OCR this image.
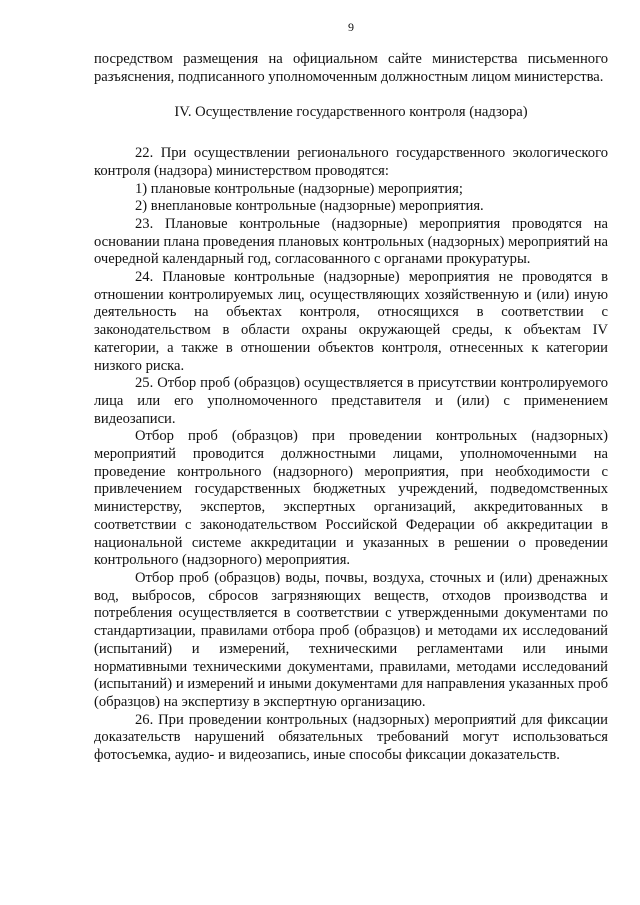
9

посредством размещения на официальном сайте министерства письменного разъяснения, подписанного уполномоченным должностным лицом министерства.

IV. Осуществление государственного контроля (надзора)

22. При осуществлении регионального государственного экологического контроля (надзора) министерством проводятся:

1) плановые контрольные (надзорные) мероприятия;

2) внеплановые контрольные (надзорные) мероприятия.

23. Плановые контрольные (надзорные) мероприятия проводятся на основании плана проведения плановых контрольных (надзорных) мероприятий на очередной календарный год, согласованного с органами прокуратуры.

24. Плановые контрольные (надзорные) мероприятия не проводятся в отношении контролируемых лиц, осуществляющих хозяйственную и (или) иную деятельность на объектах контроля, относящихся в соответствии с законодательством в области охраны окружающей среды, к объектам IV категории, а также в отношении объектов контроля, отнесенных к категории низкого риска.

25. Отбор проб (образцов) осуществляется в присутствии контролируемого лица или его уполномоченного представителя и (или) с применением видеозаписи.

Отбор проб (образцов) при проведении контрольных (надзорных) мероприятий проводится должностными лицами, уполномоченными на проведение контрольного (надзорного) мероприятия, при необходимости с привлечением государственных бюджетных учреждений, подведомственных министерству, экспертов, экспертных организаций, аккредитованных в соответствии с законодательством Российской Федерации об аккредитации в национальной системе аккредитации и указанных в решении о проведении контрольного (надзорного) мероприятия.

Отбор проб (образцов) воды, почвы, воздуха, сточных и (или) дренажных вод, выбросов, сбросов загрязняющих веществ, отходов производства и потребления осуществляется в соответствии с утвержденными документами по стандартизации, правилами отбора проб (образцов) и методами их исследований (испытаний) и измерений, техническими регламентами или иными нормативными техническими документами, правилами, методами исследований (испытаний) и измерений и иными документами для направления указанных проб (образцов) на экспертизу в экспертную организацию.

26. При проведении контрольных (надзорных) мероприятий для фиксации доказательств нарушений обязательных требований могут использоваться фотосъемка, аудио- и видеозапись, иные способы фиксации доказательств.
